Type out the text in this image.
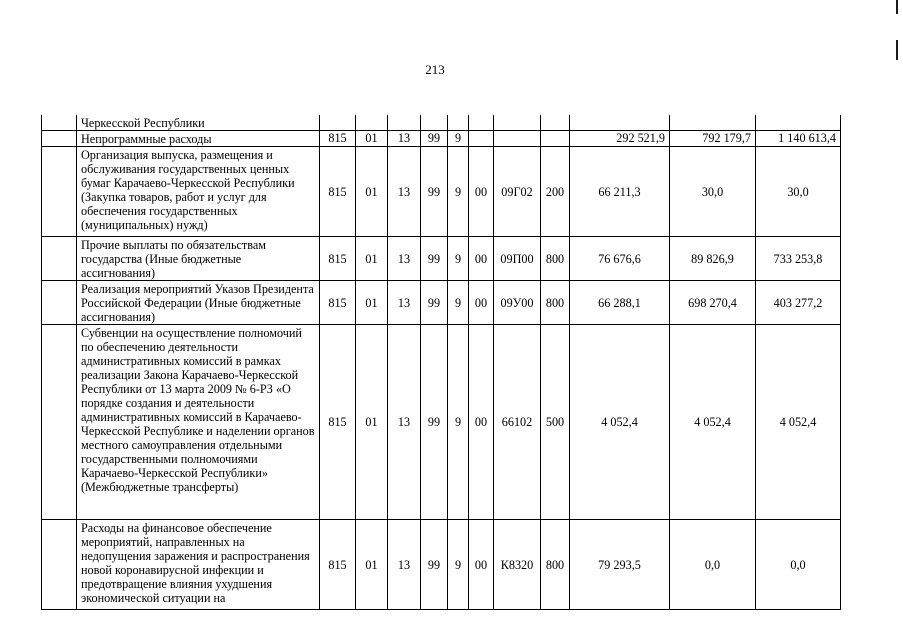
213
	Черкесской Республики											
	Непрограммные расходы	815	01	13	99	9				292 521,9	792 179,7	1 140 613,4
	Организация выпуска, размещения и обслуживания государственных ценных бумаг Карачаево-Черкесской Республики (Закупка товаров, работ и услуг для обеспечения государственных (муниципальных) нужд)	815	01	13	99	9	00	09Г02	200	66 211,3	30,0	30,0
	Прочие выплаты по обязательствам государства (Иные бюджетные ассигнования)	815	01	13	99	9	00	09П00	800	76 676,6	89 826,9	733 253,8
	Реализация мероприятий Указов Президента Российской Федерации (Иные бюджетные ассигнования)	815	01	13	99	9	00	09У00	800	66 288,1	698 270,4	403 277,2
	Субвенции на осуществление полномочий по обеспечению деятельности административных комиссий в рамках реализации Закона Карачаево-Черкесской Республики от 13 марта 2009 № 6-РЗ «О порядке создания и деятельности административных комиссий в Карачаево-Черкесской Республике и наделении органов местного самоуправления отдельными государственными полномочиями Карачаево-Черкесской Республики» (Межбюджетные трансферты)	815	01	13	99	9	00	66102	500	4 052,4	4 052,4	4 052,4
	Расходы на финансовое обеспечение мероприятий, направленных на недопущения заражения и распространения новой коронавирусной инфекции и предотвращение влияния ухудшения экономической ситуации на	815	01	13	99	9	00	К8320	800	79 293,5	0,0	0,0
